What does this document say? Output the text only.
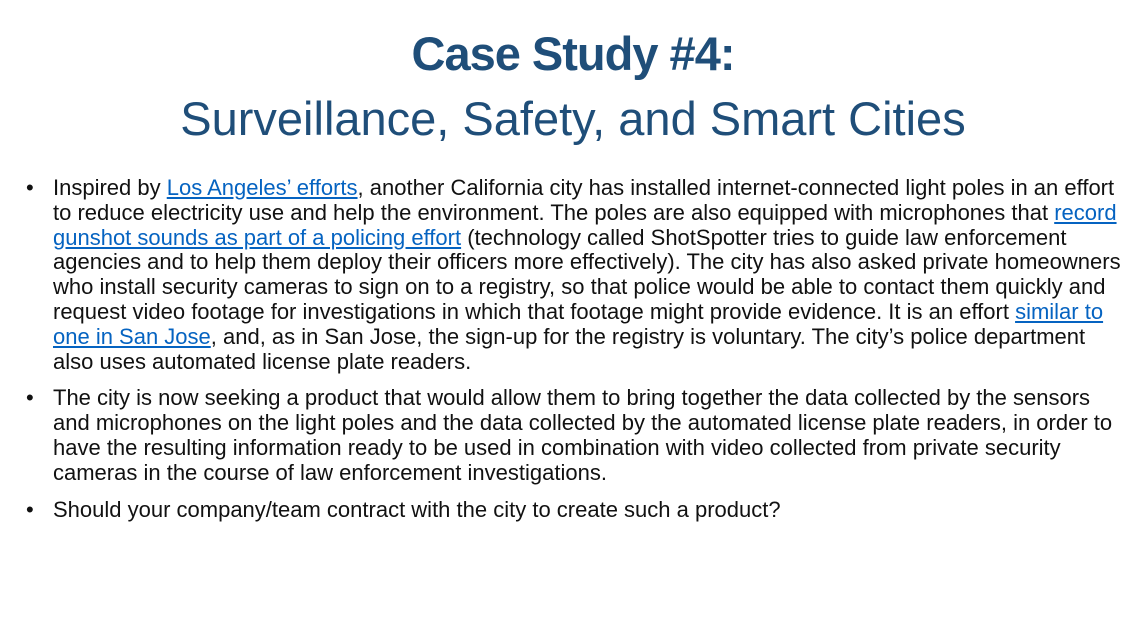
Case Study #4:
Surveillance, Safety, and Smart Cities
• Inspired by Los Angeles’ efforts, another California city has installed internet-connected light poles in an effort to reduce electricity use and help the environment. The poles are also equipped with microphones that record gunshot sounds as part of a policing effort (technology called ShotSpotter tries to guide law enforcement agencies and to help them deploy their officers more effectively). The city has also asked private homeowners who install security cameras to sign on to a registry, so that police would be able to contact them quickly and request video footage for investigations in which that footage might provide evidence. It is an effort similar to one in San Jose, and, as in San Jose, the sign-up for the registry is voluntary. The city’s police department also uses automated license plate readers.
• The city is now seeking a product that would allow them to bring together the data collected by the sensors and microphones on the light poles and the data collected by the automated license plate readers, in order to have the resulting information ready to be used in combination with video collected from private security cameras in the course of law enforcement investigations.
• Should your company/team contract with the city to create such a product?
